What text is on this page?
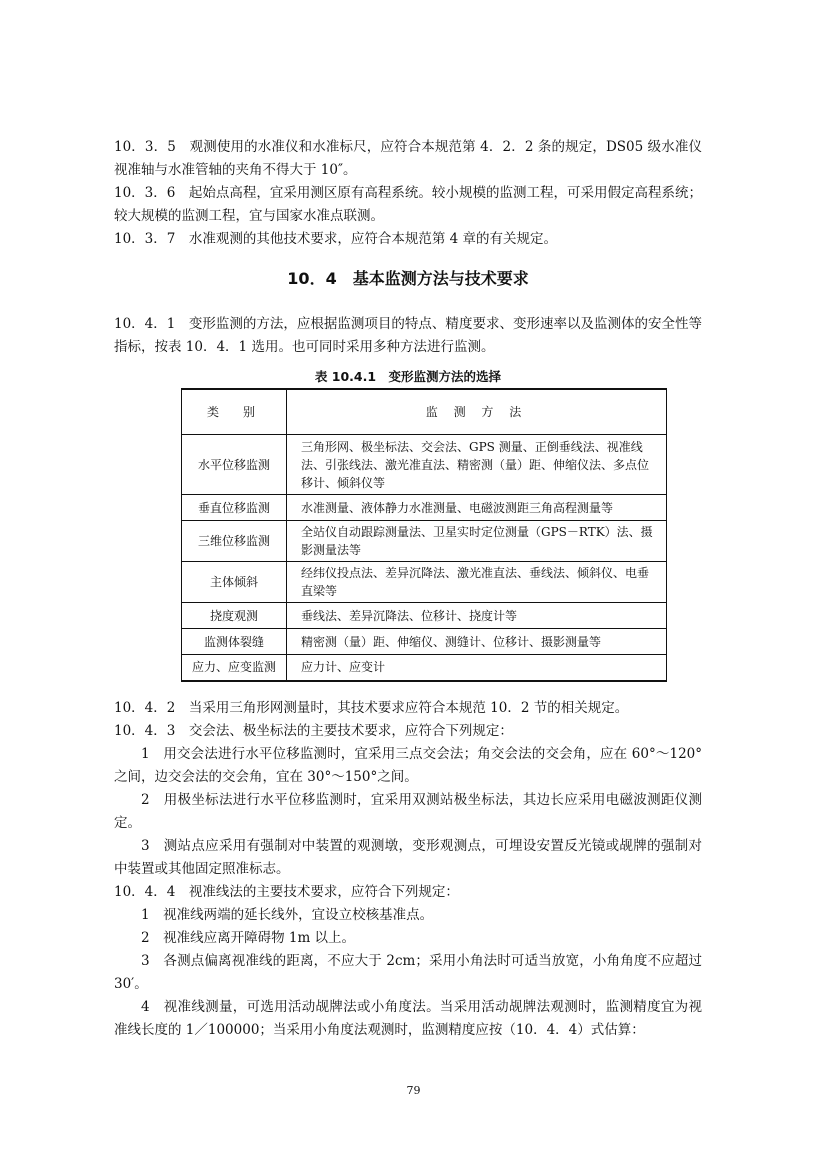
10．3．5　观测使用的水准仪和水准标尺，应符合本规范第 4．2．2 条的规定，DS05 级水准仪视准轴与水准管轴的夹角不得大于 10″。

10．3．6　起始点高程，宜采用测区原有高程系统。较小规模的监测工程，可采用假定高程系统；较大规模的监测工程，宜与国家水准点联测。

10．3．7　水准观测的其他技术要求，应符合本规范第 4 章的有关规定。

10．4　基本监测方法与技术要求

10．4．1　变形监测的方法，应根据监测项目的特点、精度要求、变形速率以及监测体的安全性等指标，按表 10．4．1 选用。也可同时采用多种方法进行监测。

表 10.4.1　变形监测方法的选择

类　别	监 测 方 法
水平位移监测	三角形网、极坐标法、交会法、GPS 测量、正倒垂线法、视准线法、引张线法、激光准直法、精密测（量）距、伸缩仪法、多点位移计、倾斜仪等
垂直位移监测	水准测量、液体静力水准测量、电磁波测距三角高程测量等
三维位移监测	全站仪自动跟踪测量法、卫星实时定位测量（GPS－RTK）法、摄影测量法等
主体倾斜	经纬仪投点法、差异沉降法、激光准直法、垂线法、倾斜仪、电垂直梁等
挠度观测	垂线法、差异沉降法、位移计、挠度计等
监测体裂缝	精密测（量）距、伸缩仪、测缝计、位移计、摄影测量等
应力、应变监测	应力计、应变计

10．4．2　当采用三角形网测量时，其技术要求应符合本规范 10．2 节的相关规定。

10．4．3　交会法、极坐标法的主要技术要求，应符合下列规定：

1　用交会法进行水平位移监测时，宜采用三点交会法；角交会法的交会角，应在 60°～120°之间，边交会法的交会角，宜在 30°～150°之间。

2　用极坐标法进行水平位移监测时，宜采用双测站极坐标法，其边长应采用电磁波测距仪测定。

3　测站点应采用有强制对中装置的观测墩，变形观测点，可埋设安置反光镜或觇牌的强制对中装置或其他固定照准标志。

10．4．4　视准线法的主要技术要求，应符合下列规定：

1　视准线两端的延长线外，宜设立校核基准点。

2　视准线应离开障碍物 1m 以上。

3　各测点偏离视准线的距离，不应大于 2cm；采用小角法时可适当放宽，小角角度不应超过 30′。

4　视准线测量，可选用活动觇牌法或小角度法。当采用活动觇牌法观测时，监测精度宜为视准线长度的 1／100000；当采用小角度法观测时，监测精度应按（10．4．4）式估算：

79
